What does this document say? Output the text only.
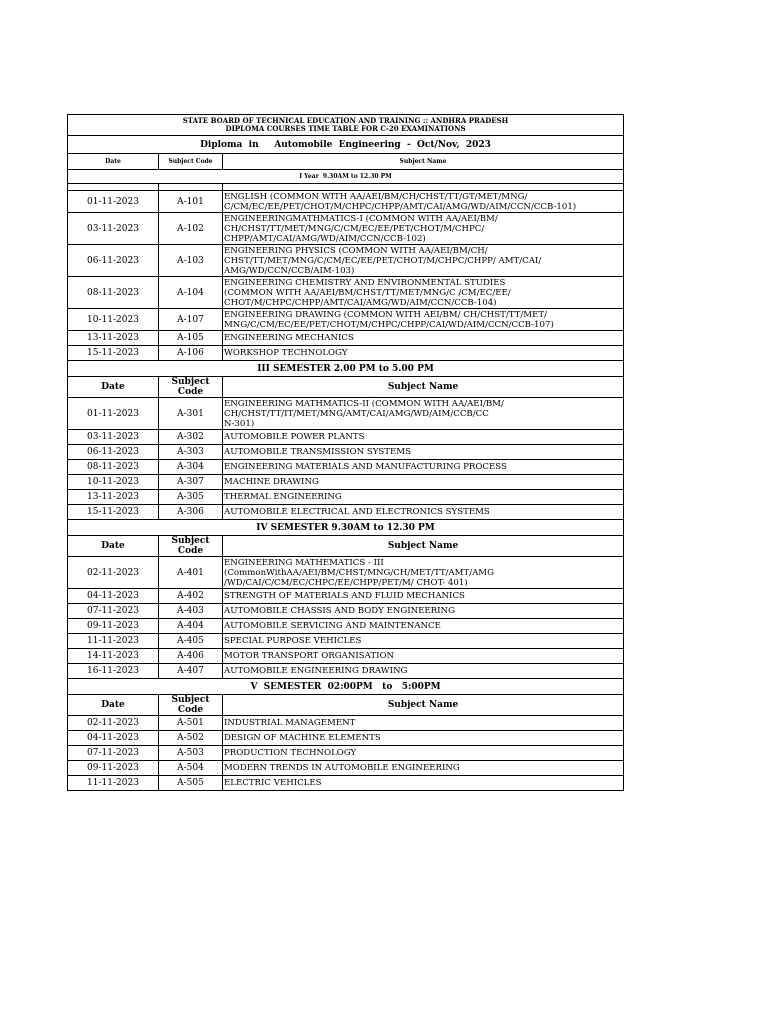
STATE BOARD OF TECHNICAL EDUCATION AND TRAINING :: ANDHRA PRADESH		

DIPLOMA COURSES TIME TABLE FOR C-20 EXAMINATIONS		

Diploma  in     Automobile  Engineering  -  Oct/Nov,  2023		
Date	Subject Code	Subject Name
I Year  9.30AM to 12.30 PM		

01-11-2023	A-101	ENGLISH (COMMON WITH AA/AEI/BM/CH/CHST/TT/GT/MET/MNG/
C/CM/EC/EE/PET/CHOT/M/CHPC/CHPP/AMT/CAI/AMG/WD/AIM/CCN/CCB-101)
03-11-2023	A-102	ENGINEERINGMATHMATICS-I (COMMON WITH AA/AEI/BM/
CH/CHST/TT/MET/MNG/C/CM/EC/EE/PET/CHOT/M/CHPC/
CHPP/AMT/CAI/AMG/WD/AIM/CCN/CCB-102)
06-11-2023	A-103	ENGINEERING PHYSICS (COMMON WITH AA/AEI/BM/CH/
CHST/TT/MET/MNG/C/CM/EC/EE/PET/CHOT/M/CHPC/CHPP/ AMT/CAI/
AMG/WD/CCN/CCB/AIM-103)
08-11-2023	A-104	ENGINEERING CHEMISTRY AND ENVIRONMENTAL STUDIES
(COMMON WITH AA/AEI/BM/CHST/TT/MET/MNG/C /CM/EC/EE/
CHOT/M/CHPC/CHPP/AMT/CAI/AMG/WD/AIM/CCN/CCB-104)
10-11-2023	A-107	ENGINEERING DRAWING (COMMON WITH AEI/BM/ CH/CHST/TT/MET/
MNG/C/CM/EC/EE/PET/CHOT/M/CHPC/CHPP/CAI/WD/AIM/CCN/CCB-107)
13-11-2023	A-105	ENGINEERING MECHANICS
15-11-2023	A-106	WORKSHOP TECHNOLOGY
III SEMESTER 2.00 PM to 5.00 PM		
Date	Subject Code	Subject Name
01-11-2023	A-301	ENGINEERING MATHMATICS-II (COMMON WITH AA/AEI/BM/
CH/CHST/TT/IT/MET/MNG/AMT/CAI/AMG/WD/AIM/CCB/CC
N-301)
03-11-2023	A-302	AUTOMOBILE POWER PLANTS
06-11-2023	A-303	AUTOMOBILE TRANSMISSION SYSTEMS
08-11-2023	A-304	ENGINEERING MATERIALS AND MANUFACTURING PROCESS
10-11-2023	A-307	MACHINE DRAWING
13-11-2023	A-305	THERMAL ENGINEERING
15-11-2023	A-306	AUTOMOBILE ELECTRICAL AND ELECTRONICS SYSTEMS
IV SEMESTER 9.30AM to 12.30 PM		
Date	Subject Code	Subject Name
02-11-2023	A-401	ENGINEERING MATHEMATICS - III
(CommonWithAA/AEI/BM/CHST/MNG/CH/MET/TT/AMT/AMG
/WD/CAI/C/CM/EC/CHPC/EE/CHPP/PET/M/ CHOT- 401)
04-11-2023	A-402	STRENGTH OF MATERIALS AND FLUID MECHANICS
07-11-2023	A-403	AUTOMOBILE CHASSIS AND BODY ENGINEERING
09-11-2023	A-404	AUTOMOBILE SERVICING AND MAINTENANCE
11-11-2023	A-405	SPECIAL PURPOSE VEHICLES
14-11-2023	A-406	MOTOR TRANSPORT ORGANISATION
16-11-2023	A-407	AUTOMOBILE ENGINEERING DRAWING
V  SEMESTER  02:00PM   to   5:00PM		
Date	Subject Code	Subject Name
02-11-2023	A-501	INDUSTRIAL MANAGEMENT
04-11-2023	A-502	DESIGN OF MACHINE ELEMENTS
07-11-2023	A-503	PRODUCTION TECHNOLOGY
09-11-2023	A-504	MODERN TRENDS IN AUTOMOBILE ENGINEERING
11-11-2023	A-505	ELECTRIC VEHICLES
